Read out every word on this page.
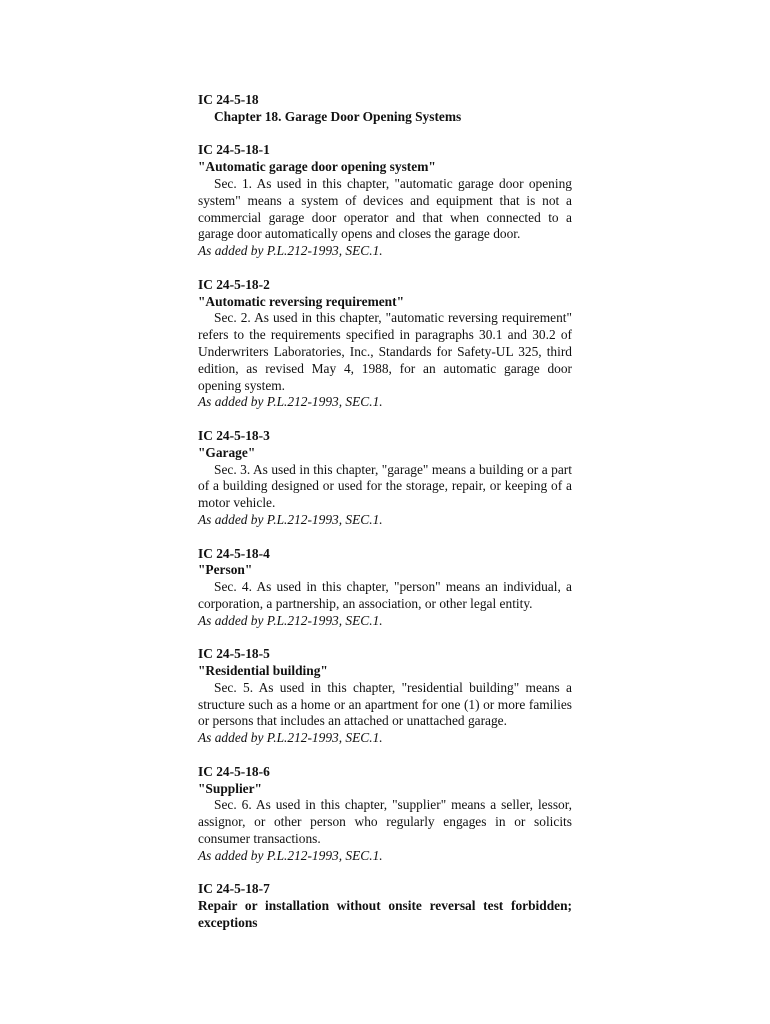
IC 24-5-18
Chapter 18. Garage Door Opening Systems
IC 24-5-18-1
"Automatic garage door opening system"

Sec. 1. As used in this chapter, "automatic garage door opening system" means a system of devices and equipment that is not a commercial garage door operator and that when connected to a garage door automatically opens and closes the garage door.

As added by P.L.212-1993, SEC.1.
IC 24-5-18-2
"Automatic reversing requirement"

Sec. 2. As used in this chapter, "automatic reversing requirement" refers to the requirements specified in paragraphs 30.1 and 30.2 of Underwriters Laboratories, Inc., Standards for Safety-UL 325, third edition, as revised May 4, 1988, for an automatic garage door opening system.

As added by P.L.212-1993, SEC.1.
IC 24-5-18-3
"Garage"

Sec. 3. As used in this chapter, "garage" means a building or a part of a building designed or used for the storage, repair, or keeping of a motor vehicle.

As added by P.L.212-1993, SEC.1.
IC 24-5-18-4
"Person"

Sec. 4. As used in this chapter, "person" means an individual, a corporation, a partnership, an association, or other legal entity.

As added by P.L.212-1993, SEC.1.
IC 24-5-18-5
"Residential building"

Sec. 5. As used in this chapter, "residential building" means a structure such as a home or an apartment for one (1) or more families or persons that includes an attached or unattached garage.

As added by P.L.212-1993, SEC.1.
IC 24-5-18-6
"Supplier"

Sec. 6. As used in this chapter, "supplier" means a seller, lessor, assignor, or other person who regularly engages in or solicits consumer transactions.

As added by P.L.212-1993, SEC.1.
IC 24-5-18-7
Repair or installation without onsite reversal test forbidden; exceptions
